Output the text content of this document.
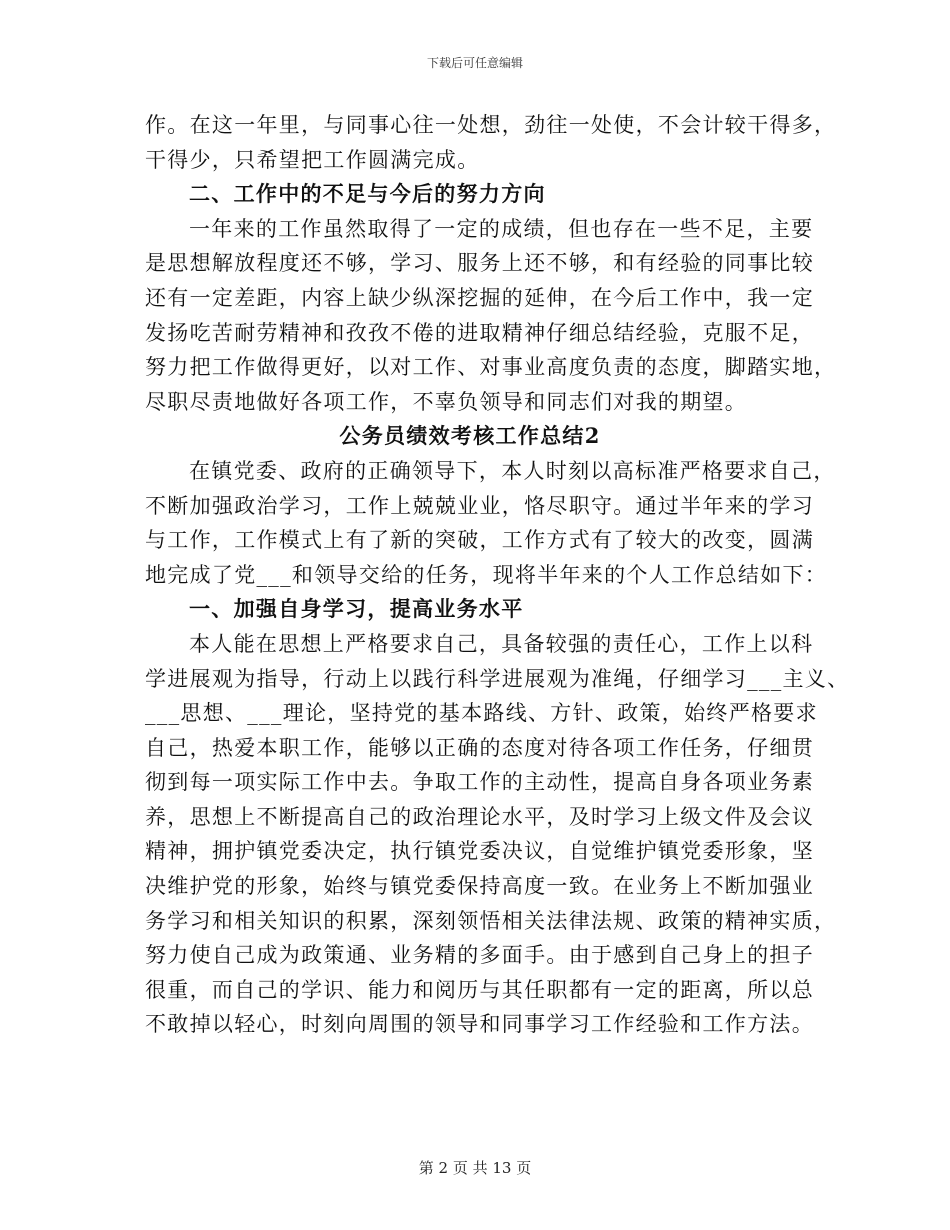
下载后可任意编辑
作。在这一年里，与同事心往一处想，劲往一处使，不会计较干得多，
干得少，只希望把工作圆满完成。
二、工作中的不足与今后的努力方向
一年来的工作虽然取得了一定的成绩，但也存在一些不足，主要
是思想解放程度还不够，学习、服务上还不够，和有经验的同事比较
还有一定差距，内容上缺少纵深挖掘的延伸，在今后工作中，我一定
发扬吃苦耐劳精神和孜孜不倦的进取精神仔细总结经验，克服不足，
努力把工作做得更好，以对工作、对事业高度负责的态度，脚踏实地，
尽职尽责地做好各项工作，不辜负领导和同志们对我的期望。
公务员绩效考核工作总结2
在镇党委、政府的正确领导下，本人时刻以高标准严格要求自己，
不断加强政治学习，工作上兢兢业业，恪尽职守。通过半年来的学习
与工作，工作模式上有了新的突破，工作方式有了较大的改变，圆满
地完成了党___和领导交给的任务，现将半年来的个人工作总结如下：
一、加强自身学习，提高业务水平
本人能在思想上严格要求自己，具备较强的责任心，工作上以科
学进展观为指导，行动上以践行科学进展观为准绳，仔细学习___主义、
___思想、___理论，坚持党的基本路线、方针、政策，始终严格要求
自己，热爱本职工作，能够以正确的态度对待各项工作任务，仔细贯
彻到每一项实际工作中去。争取工作的主动性，提高自身各项业务素
养，思想上不断提高自己的政治理论水平，及时学习上级文件及会议
精神，拥护镇党委决定，执行镇党委决议，自觉维护镇党委形象，坚
决维护党的形象，始终与镇党委保持高度一致。在业务上不断加强业
务学习和相关知识的积累，深刻领悟相关法律法规、政策的精神实质，
努力使自己成为政策通、业务精的多面手。由于感到自己身上的担子
很重，而自己的学识、能力和阅历与其任职都有一定的距离，所以总
不敢掉以轻心，时刻向周围的领导和同事学习工作经验和工作方法。
第 2 页 共 13 页
